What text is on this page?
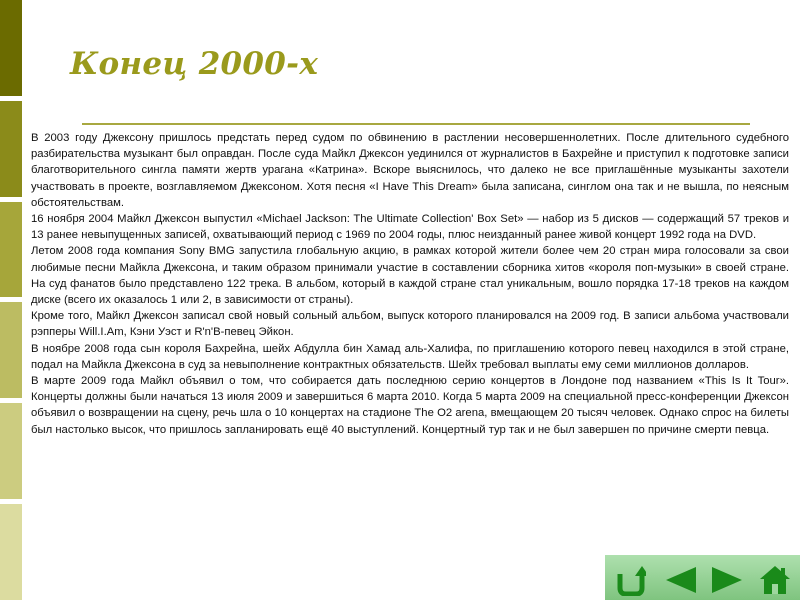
Конец 2000-х

В 2003 году Джексону пришлось предстать перед судом по обвинению в растлении несовершеннолетних. После длительного судебного разбирательства музыкант был оправдан. После суда Майкл Джексон уединился от журналистов в Бахрейне и приступил к подготовке записи благотворительного сингла памяти жертв урагана «Катрина». Вскоре выяснилось, что далеко не все приглашённые музыканты захотели участвовать в проекте, возглавляемом Джексоном. Хотя песня «I Have This Dream» была записана, синглом она так и не вышла, по неясным обстоятельствам.

16 ноября 2004 Майкл Джексон выпустил «Michael Jackson: The Ultimate Collection' Box Set» — набор из 5 дисков — содержащий 57 треков и 13 ранее невыпущенных записей, охватывающий период с 1969 по 2004 годы, плюс неизданный ранее живой концерт 1992 года на DVD.

Летом 2008 года компания Sony BMG запустила глобальную акцию, в рамках которой жители более чем 20 стран мира голосовали за свои любимые песни Майкла Джексона, и таким образом принимали участие в составлении сборника хитов «короля поп-музыки» в своей стране. На суд фанатов было представлено 122 трека. В альбом, который в каждой стране стал уникальным, вошло порядка 17-18 треков на каждом диске (всего их оказалось 1 или 2, в зависимости от страны).

Кроме того, Майкл Джексон записал свой новый сольный альбом, выпуск которого планировался на 2009 год. В записи альбома участвовали рэпперы Will.I.Am, Кэни Уэст и R'n'B-певец Эйкон.

В ноябре 2008 года сын короля Бахрейна, шейх Абдулла бин Хамад аль-Халифа, по приглашению которого певец находился в этой стране, подал на Майкла Джексона в суд за невыполнение контрактных обязательств. Шейх требовал выплаты ему семи миллионов долларов.

В марте 2009 года Майкл объявил о том, что собирается дать последнюю серию концертов в Лондоне под названием «This Is It Tour». Концерты должны были начаться 13 июля 2009 и завершиться 6 марта 2010. Когда 5 марта 2009 на специальной пресс-конференции Джексон объявил о возвращении на сцену, речь шла о 10 концертах на стадионе The O2 arena, вмещающем 20 тысяч человек. Однако спрос на билеты был настолько высок, что пришлось запланировать ещё 40 выступлений. Концертный тур так и не был завершен по причине смерти певца.
